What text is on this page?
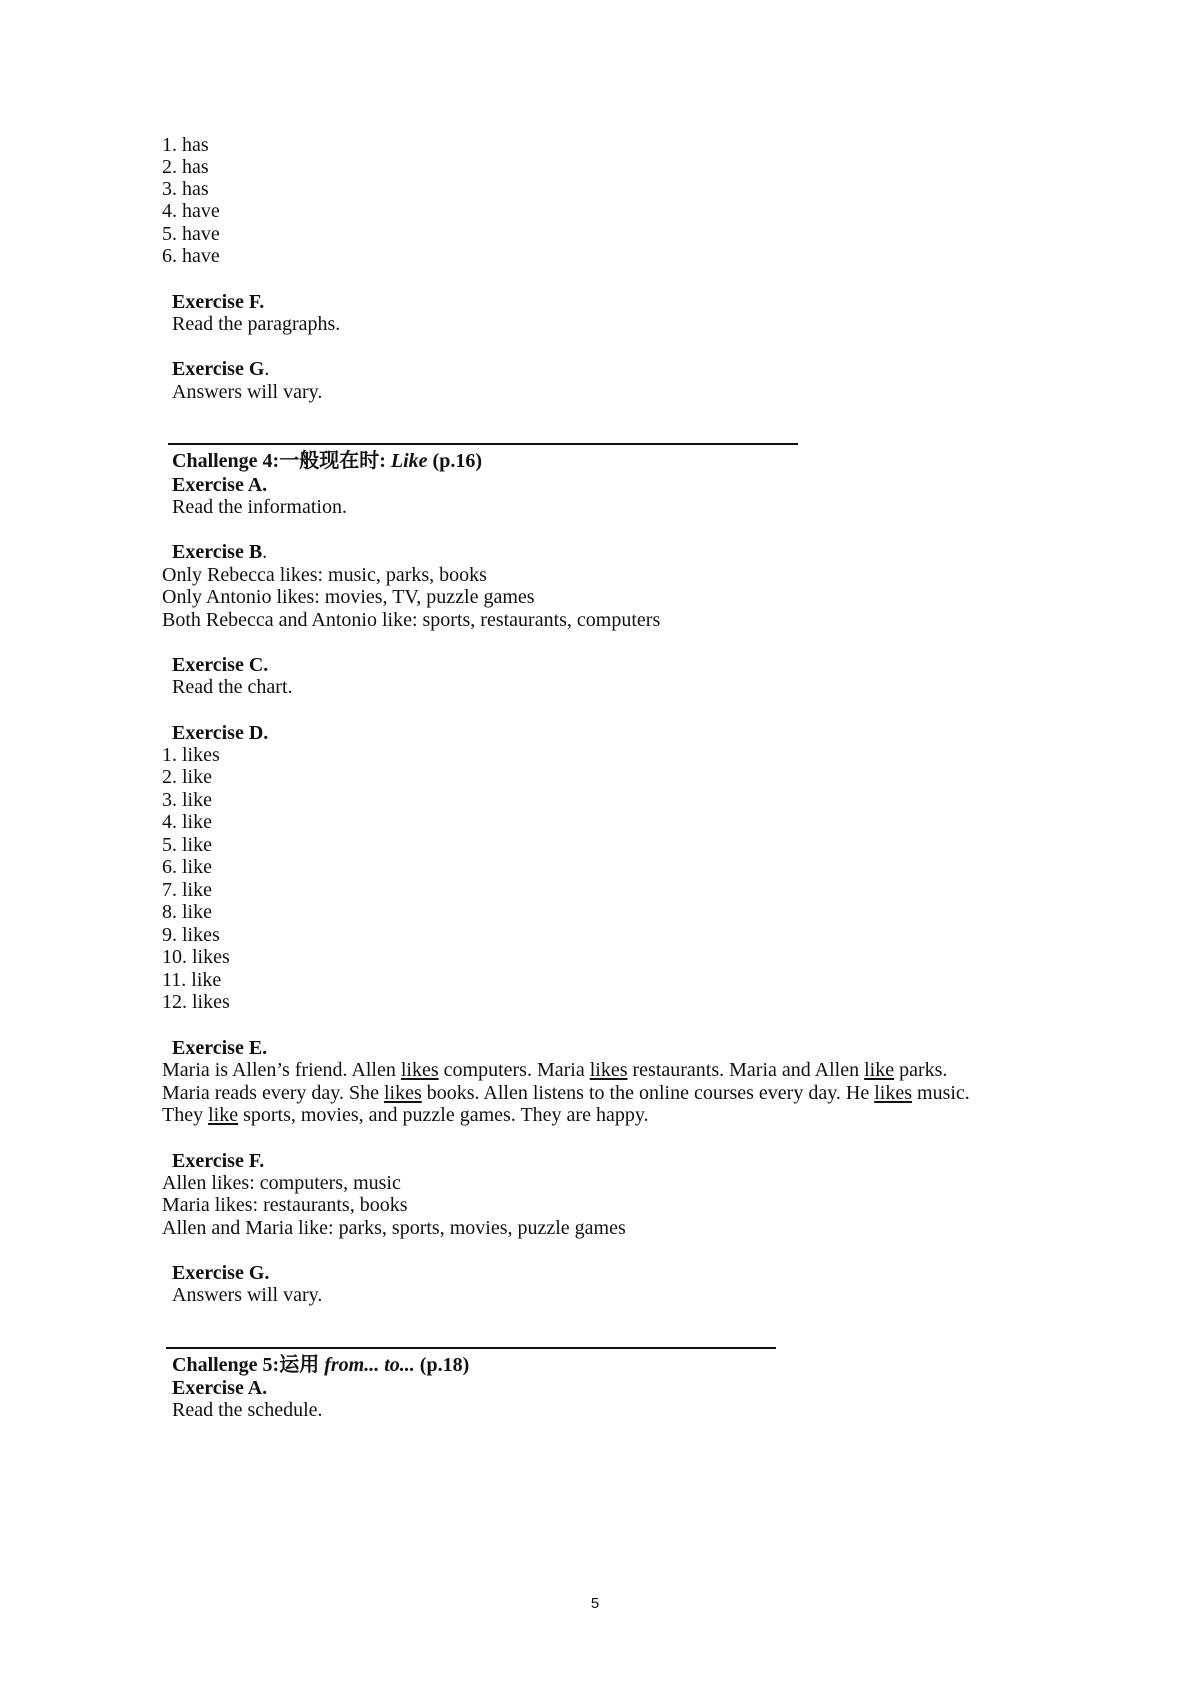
1. has
2. has
3. has
4. have
5. have
6. have
Exercise F.
Read the paragraphs.
Exercise G.
Answers will vary.
Challenge 4:一般现在时: Like (p.16)
Exercise A.
Read the information.
Exercise B.
Only Rebecca likes: music, parks, books
Only Antonio likes: movies, TV, puzzle games
Both Rebecca and Antonio like: sports, restaurants, computers
Exercise C.
Read the chart.
Exercise D.
1. likes
2. like
3. like
4. like
5. like
6. like
7. like
8. like
9. likes
10. likes
11. like
12. likes
Exercise E.
Maria is Allen’s friend. Allen likes computers. Maria likes restaurants. Maria and Allen like parks.
Maria reads every day. She likes books. Allen listens to the online courses every day. He likes music.
They like sports, movies, and puzzle games. They are happy.
Exercise F.
Allen likes: computers, music
Maria likes: restaurants, books
Allen and Maria like: parks, sports, movies, puzzle games
Exercise G.
Answers will vary.
Challenge 5:运用 from... to... (p.18)
Exercise A.
Read the schedule.
5
